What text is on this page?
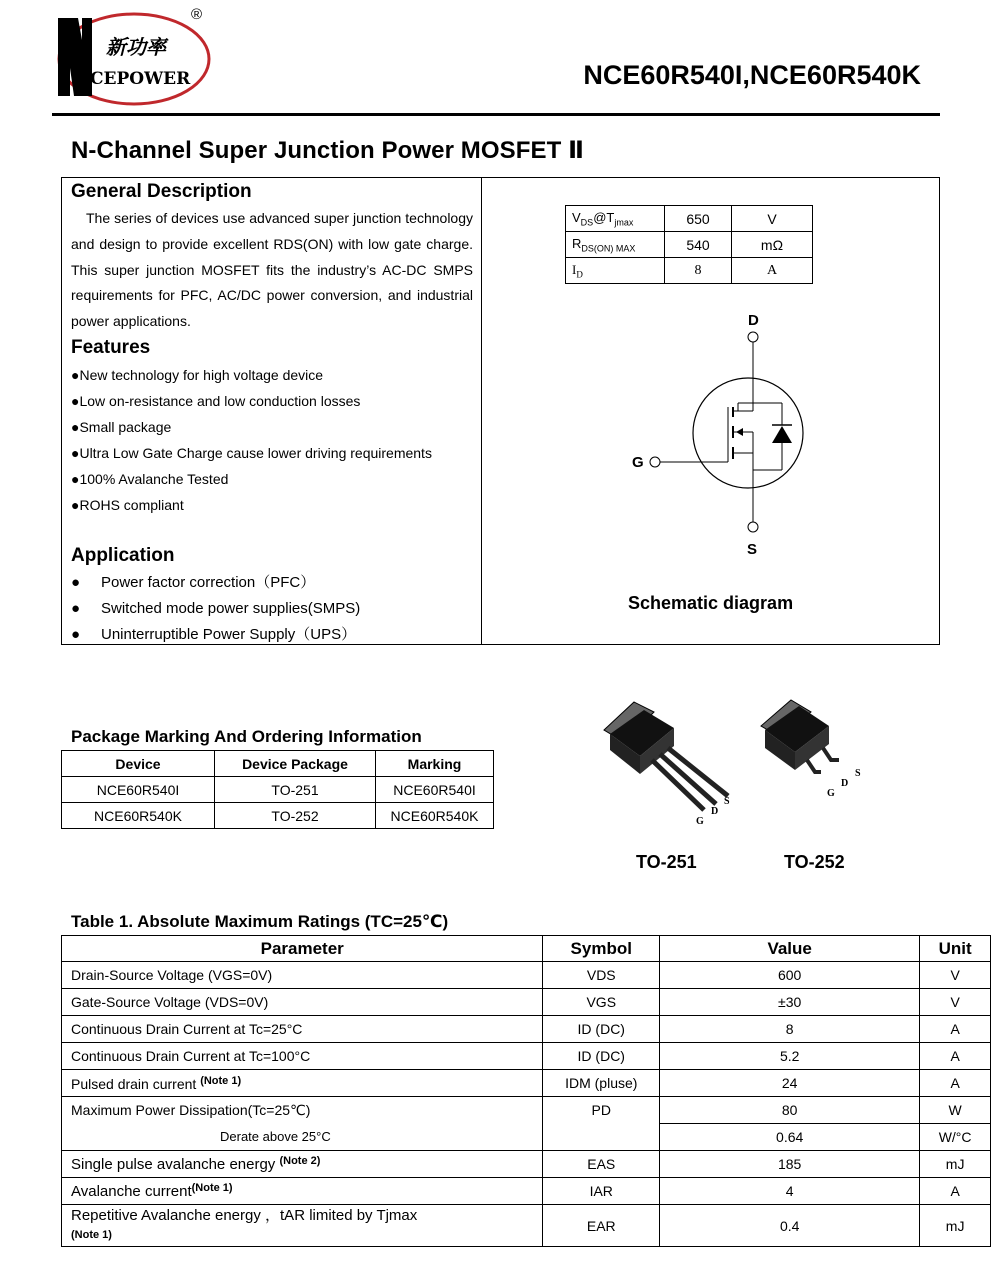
新功率
CEPOWER
®
NCE60R540I,NCE60R540K
N-Channel Super Junction Power MOSFET Ⅱ
General Description
The series of devices use advanced super junction technology and design to provide excellent RDS(ON) with low gate charge. This super junction MOSFET fits the industry’s AC-DC SMPS requirements for PFC, AC/DC power conversion, and industrial power applications.
Features
●New technology for high voltage device
●Low on-resistance and low conduction losses
●Small package
●Ultra Low Gate Charge cause lower driving requirements
●100% Avalanche Tested
●ROHS compliant
Application
● Power factor correction（PFC）
● Switched mode power supplies(SMPS)
● Uninterruptible Power Supply（UPS）
$V_{DS}@T_{jmax}$	650	V
$R_{DS(ON) MAX}$	540	mΩ
$I_D$	8	A
D
G
S
Schematic diagram
Package Marking And Ordering Information
Device	Device Package	Marking
NCE60R540I	TO-251	NCE60R540I
NCE60R540K	TO-252	NCE60R540K	G
D
S
G
D
S
TO-251	TO-252
Table 1. Absolute Maximum Ratings (TC=25℃)
Parameter	Symbol	Value	Unit
Drain-Source Voltage (VGS=0V)	VDS	600	V
Gate-Source Voltage (VDS=0V)	VGS	±30	V
Continuous Drain Current at Tc=25°C	ID (DC)	8	A
Continuous Drain Current at Tc=100°C	ID (DC)	5.2	A
Pulsed drain current $^{(Note 1)}$	IDM (pluse)	24	A
Maximum Power Dissipation(Tc=25℃)	PD	80	W
Derate above 25°C		0.64	W/°C
Single pulse avalanche energy $^{(Note 2)}$	EAS	185	mJ
Avalanche current$^{(Note 1)}$	IAR	4	A
Repetitive Avalanche energy ，tAR limited by Tjmax
(Note 1)	EAR	0.4	mJ
